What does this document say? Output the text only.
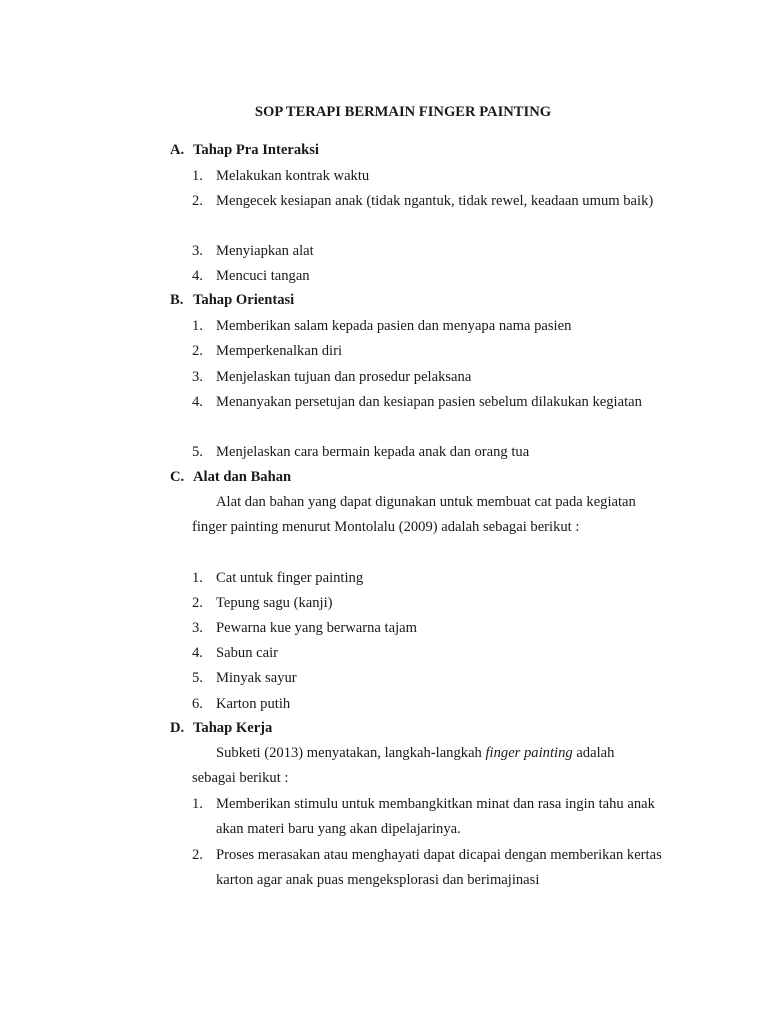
SOP TERAPI BERMAIN FINGER PAINTING

A. Tahap Pra Interaksi

1. Melakukan kontrak waktu
2. Mengecek kesiapan anak (tidak ngantuk, tidak rewel, keadaan umum baik)
3. Menyiapkan alat
4. Mencuci tangan

B. Tahap Orientasi

1. Memberikan salam kepada pasien dan menyapa nama pasien
2. Memperkenalkan diri
3. Menjelaskan tujuan dan prosedur pelaksana
4. Menanyakan persetujan dan kesiapan pasien sebelum dilakukan kegiatan
5. Menjelaskan cara bermain kepada anak dan orang tua

C. Alat dan Bahan

Alat dan bahan yang dapat digunakan untuk membuat cat pada kegiatan finger painting menurut Montolalu (2009) adalah sebagai berikut :

1. Cat untuk finger painting
2. Tepung sagu (kanji)
3. Pewarna kue yang berwarna tajam
4. Sabun cair
5. Minyak sayur
6. Karton putih

D. Tahap Kerja

Subketi (2013) menyatakan, langkah-langkah finger painting adalah sebagai berikut :

1. Memberikan stimulu untuk membangkitkan minat dan rasa ingin tahu anak akan materi baru yang akan dipelajarinya.
2. Proses merasakan atau menghayati dapat dicapai dengan memberikan kertas karton agar anak puas mengeksplorasi dan berimajinasi
